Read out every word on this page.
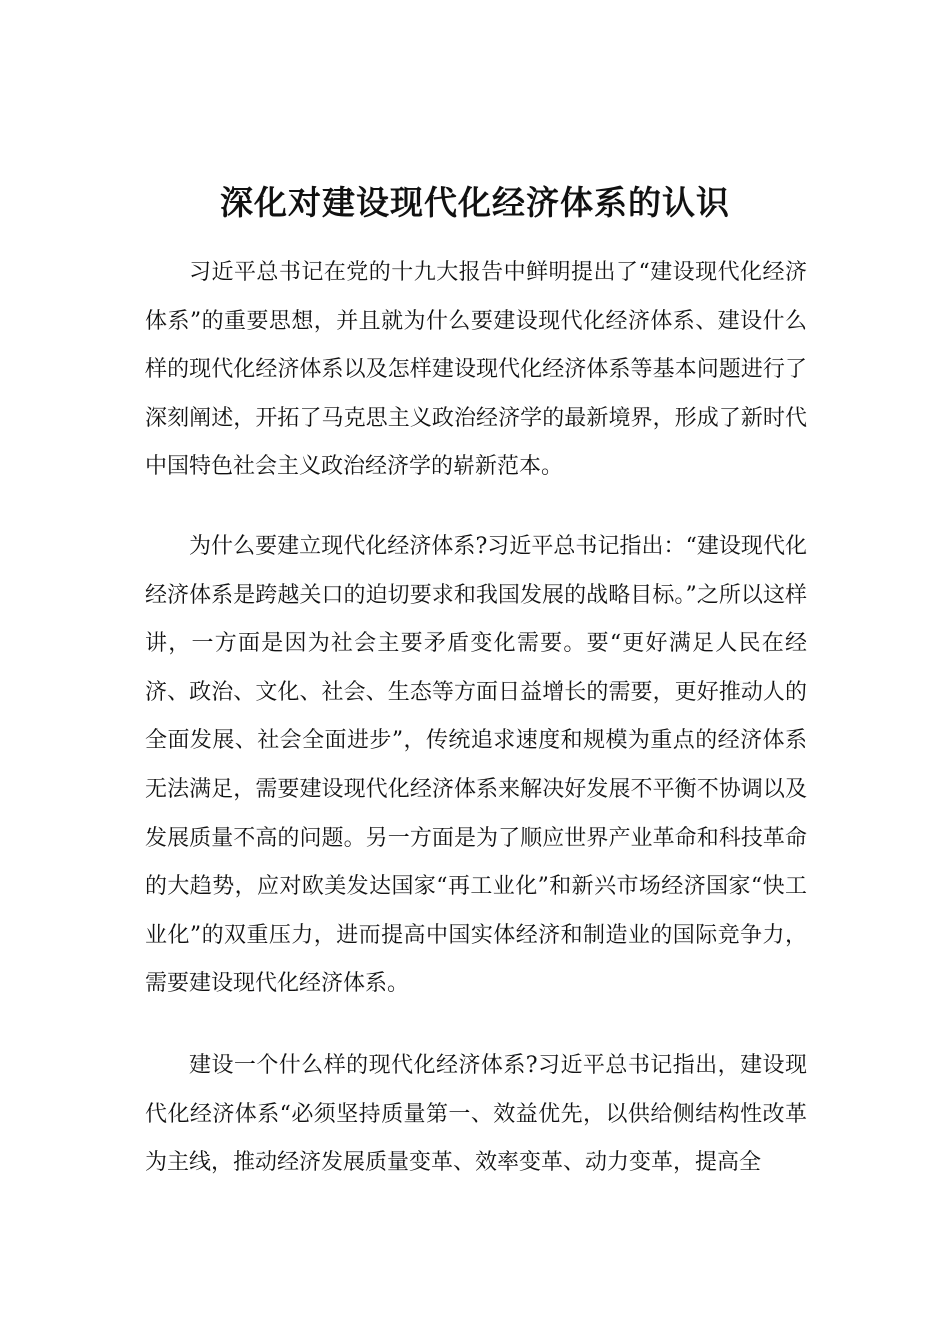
深化对建设现代化经济体系的认识

习近平总书记在党的十九大报告中鲜明提出了“建设现代化经济体系”的重要思想，并且就为什么要建设现代化经济体系、建设什么样的现代化经济体系以及怎样建设现代化经济体系等基本问题进行了深刻阐述，开拓了马克思主义政治经济学的最新境界，形成了新时代中国特色社会主义政治经济学的崭新范本。

为什么要建立现代化经济体系?习近平总书记指出：“建设现代化经济体系是跨越关口的迫切要求和我国发展的战略目标。”之所以这样讲，一方面是因为社会主要矛盾变化需要。要“更好满足人民在经济、政治、文化、社会、生态等方面日益增长的需要，更好推动人的全面发展、社会全面进步”，传统追求速度和规模为重点的经济体系无法满足，需要建设现代化经济体系来解决好发展不平衡不协调以及发展质量不高的问题。另一方面是为了顺应世界产业革命和科技革命的大趋势，应对欧美发达国家“再工业化”和新兴市场经济国家“快工业化”的双重压力，进而提高中国实体经济和制造业的国际竞争力，需要建设现代化经济体系。

建设一个什么样的现代化经济体系?习近平总书记指出，建设现代化经济体系“必须坚持质量第一、效益优先，以供给侧结构性改革为主线，推动经济发展质量变革、效率变革、动力变革，提高全
